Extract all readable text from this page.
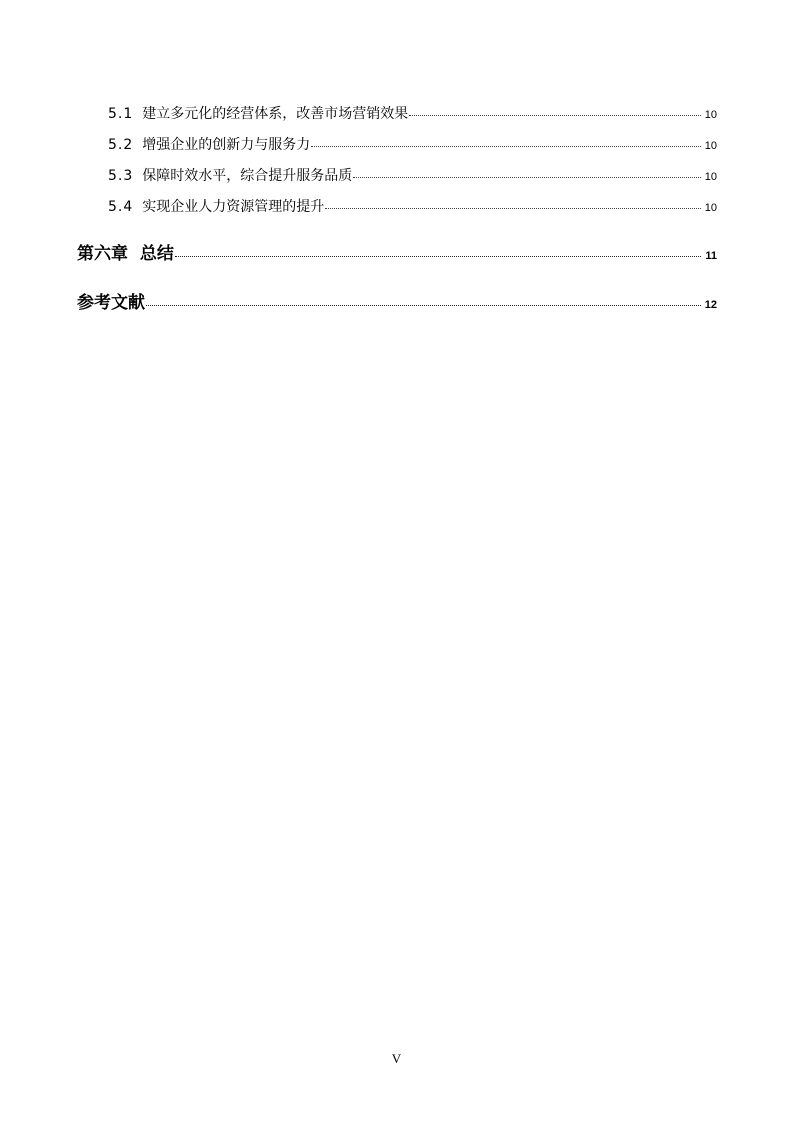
5.1 建立多元化的经营体系，改善市场营销效果	10
5.2 增强企业的创新力与服务力	10
5.3 保障时效水平，综合提升服务品质	10
5.4 实现企业人力资源管理的提升	10
第六章  总结	11
参考文献	12
V
